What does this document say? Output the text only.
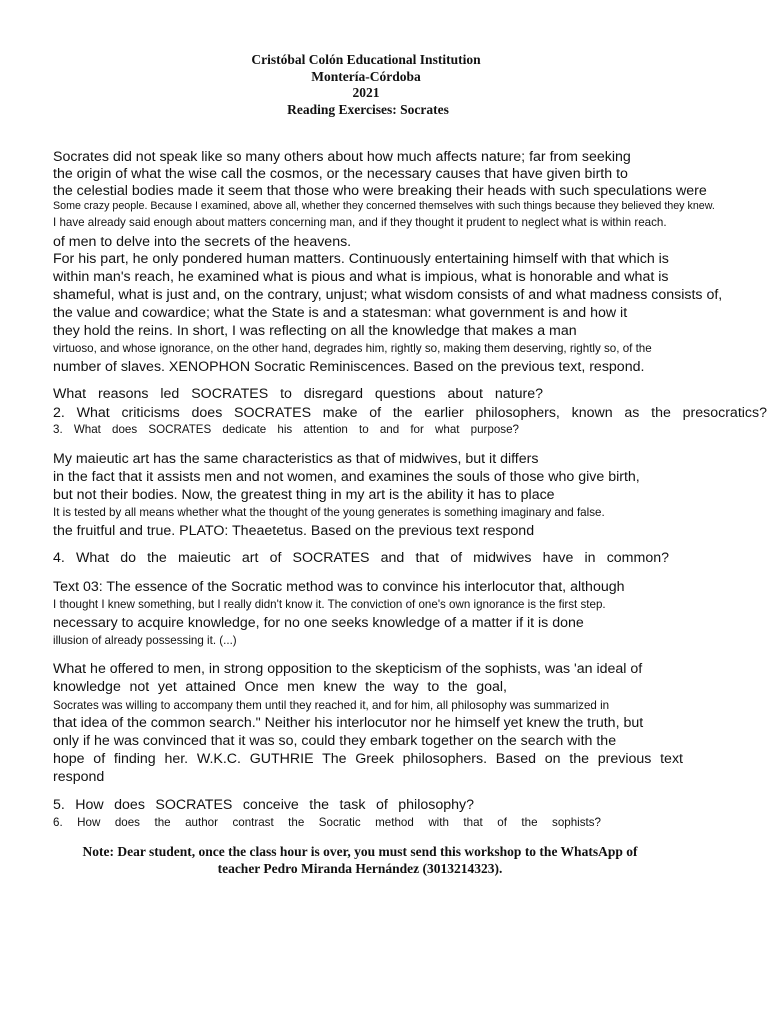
Cristóbal Colón Educational Institution
Montería-Córdoba
2021
Reading Exercises: Socrates
Socrates did not speak like so many others about how much affects nature; far from seeking
the origin of what the wise call the cosmos, or the necessary causes that have given birth to
the celestial bodies made it seem that those who were breaking their heads with such speculations were
Some crazy people. Because I examined, above all, whether they concerned themselves with such things because they believed they knew.
I have already said enough about matters concerning man, and if they thought it prudent to neglect what is within reach.
of men to delve into the secrets of the heavens.
For his part, he only pondered human matters. Continuously entertaining himself with that which is
within man's reach, he examined what is pious and what is impious, what is honorable and what is
shameful, what is just and, on the contrary, unjust; what wisdom consists of and what madness consists of,
the value and cowardice; what the State is and a statesman: what government is and how it
they hold the reins. In short, I was reflecting on all the knowledge that makes a man
virtuoso, and whose ignorance, on the other hand, degrades him, rightly so, making them deserving, rightly so, of the
number of slaves. XENOPHON Socratic Reminiscences. Based on the previous text, respond.
What reasons led SOCRATES to disregard questions about nature?
2. What criticisms does SOCRATES make of the earlier philosophers, known as the presocratics?
3. What does SOCRATES dedicate his attention to and for what purpose?
My maieutic art has the same characteristics as that of midwives, but it differs
in the fact that it assists men and not women, and examines the souls of those who give birth,
but not their bodies. Now, the greatest thing in my art is the ability it has to place
It is tested by all means whether what the thought of the young generates is something imaginary and false.
the fruitful and true. PLATO: Theaetetus. Based on the previous text respond
4. What do the maieutic art of SOCRATES and that of midwives have in common?
Text 03: The essence of the Socratic method was to convince his interlocutor that, although
I thought I knew something, but I really didn't know it. The conviction of one's own ignorance is the first step.
necessary to acquire knowledge, for no one seeks knowledge of a matter if it is done
illusion of already possessing it. (...)
What he offered to men, in strong opposition to the skepticism of the sophists, was 'an ideal of
knowledge not yet attained Once men knew the way to the goal,
Socrates was willing to accompany them until they reached it, and for him, all philosophy was summarized in
that idea of the common search." Neither his interlocutor nor he himself yet knew the truth, but
only if he was convinced that it was so, could they embark together on the search with the
hope of finding her. W.K.C. GUTHRIE The Greek philosophers. Based on the previous text
respond
5. How does SOCRATES conceive the task of philosophy?
6. How does the author contrast the Socratic method with that of the sophists?
Note: Dear student, once the class hour is over, you must send this workshop to the WhatsApp of
teacher Pedro Miranda Hernández (3013214323).
